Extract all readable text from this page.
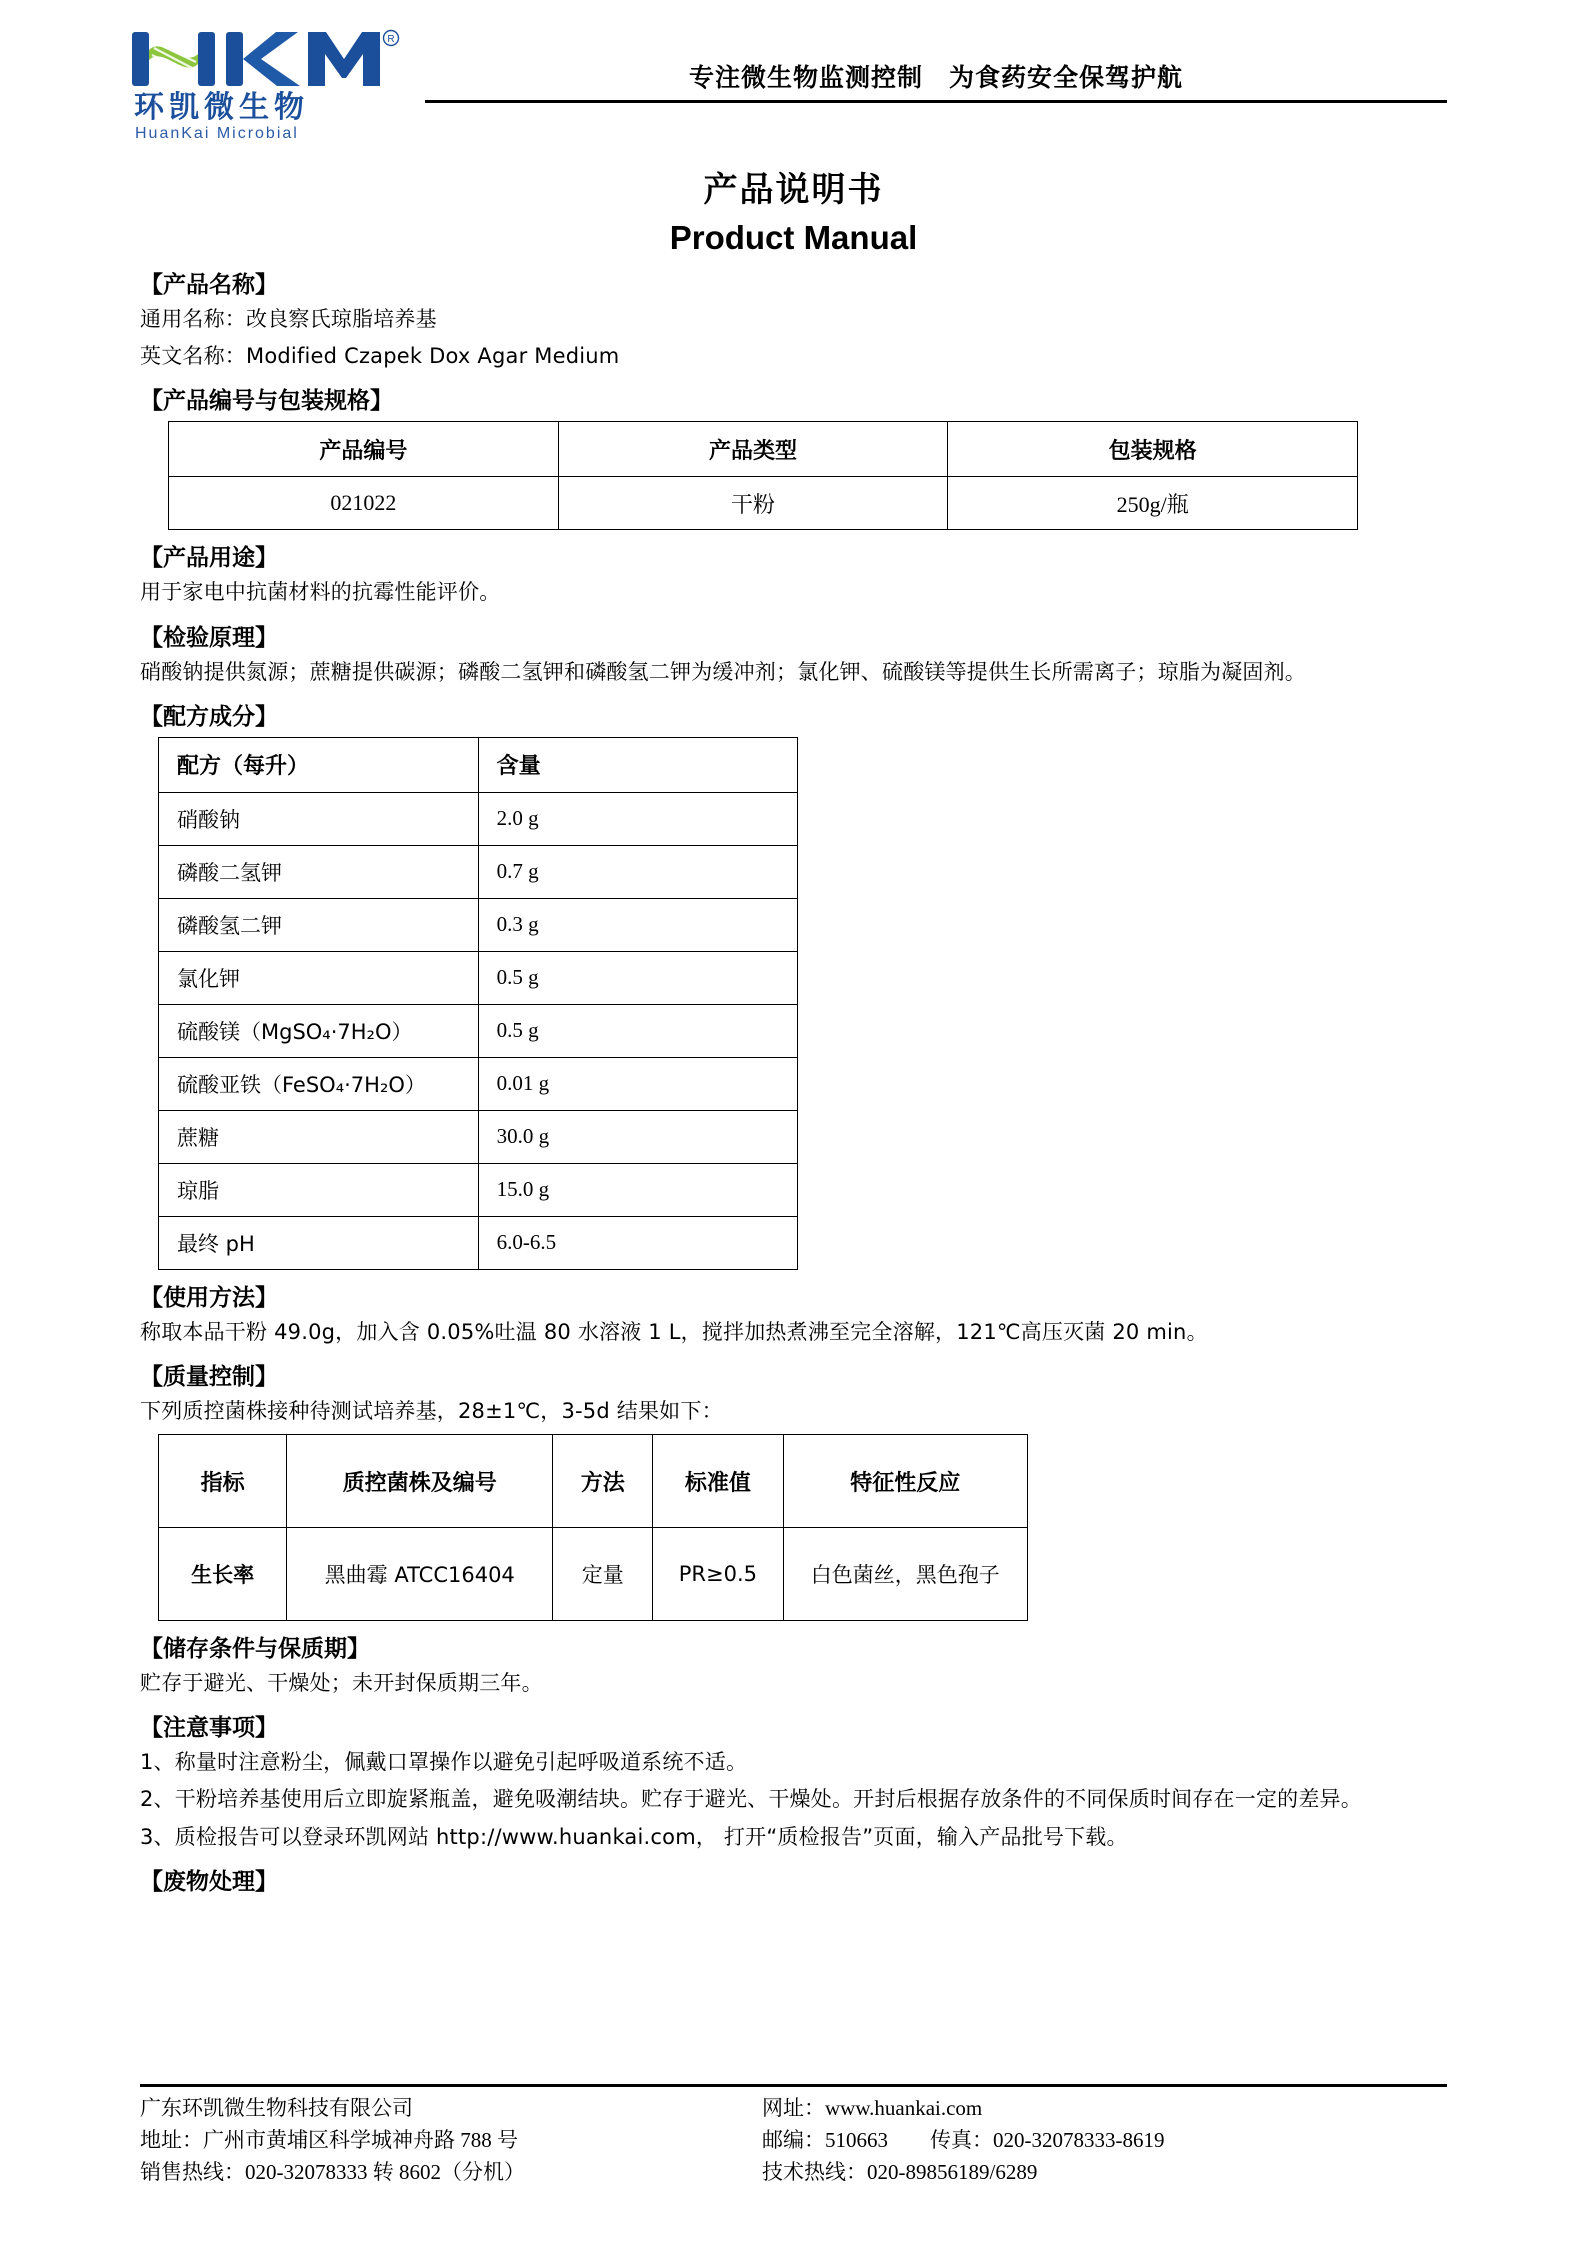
R
环凯微生物
HuanKai Microbial
专注微生物监测控制　为食药安全保驾护航
产品说明书
Product Manual
【产品名称】
通用名称：改良察氏琼脂培养基
英文名称：Modified Czapek Dox Agar Medium
【产品编号与包装规格】
产品编号	产品类型	包装规格
021022	干粉	250g/瓶
【产品用途】
用于家电中抗菌材料的抗霉性能评价。
【检验原理】
硝酸钠提供氮源；蔗糖提供碳源；磷酸二氢钾和磷酸氢二钾为缓冲剂；氯化钾、硫酸镁等提供生长所需离子；琼脂为凝固剂。
【配方成分】
配方（每升）	含量
硝酸钠	2.0 g
磷酸二氢钾	0.7 g
磷酸氢二钾	0.3 g
氯化钾	0.5 g
硫酸镁（MgSO₄·7H₂O）	0.5 g
硫酸亚铁（FeSO₄·7H₂O）	0.01 g
蔗糖	30.0 g
琼脂	15.0 g
最终 pH	6.0-6.5
【使用方法】
称取本品干粉 49.0g，加入含 0.05%吐温 80 水溶液 1 L，搅拌加热煮沸至完全溶解，121℃高压灭菌 20 min。
【质量控制】
下列质控菌株接种待测试培养基，28±1℃，3-5d 结果如下：
指标	质控菌株及编号	方法	标准值	特征性反应
生长率	黑曲霉 ATCC16404	定量	PR≥0.5	白色菌丝，黑色孢子
【储存条件与保质期】
贮存于避光、干燥处；未开封保质期三年。
【注意事项】
1、称量时注意粉尘，佩戴口罩操作以避免引起呼吸道系统不适。
2、干粉培养基使用后立即旋紧瓶盖，避免吸潮结块。贮存于避光、干燥处。开封后根据存放条件的不同保质时间存在一定的差异。
3、质检报告可以登录环凯网站 http://www.huankai.com， 打开“质检报告”页面，输入产品批号下载。
【废物处理】
广东环凯微生物科技有限公司
地址：广州市黄埔区科学城神舟路 788 号
销售热线：020-32078333 转 8602（分机）
网址：www.huankai.com
邮编：510663　　传真：020-32078333-8619
技术热线：020-89856189/6289
